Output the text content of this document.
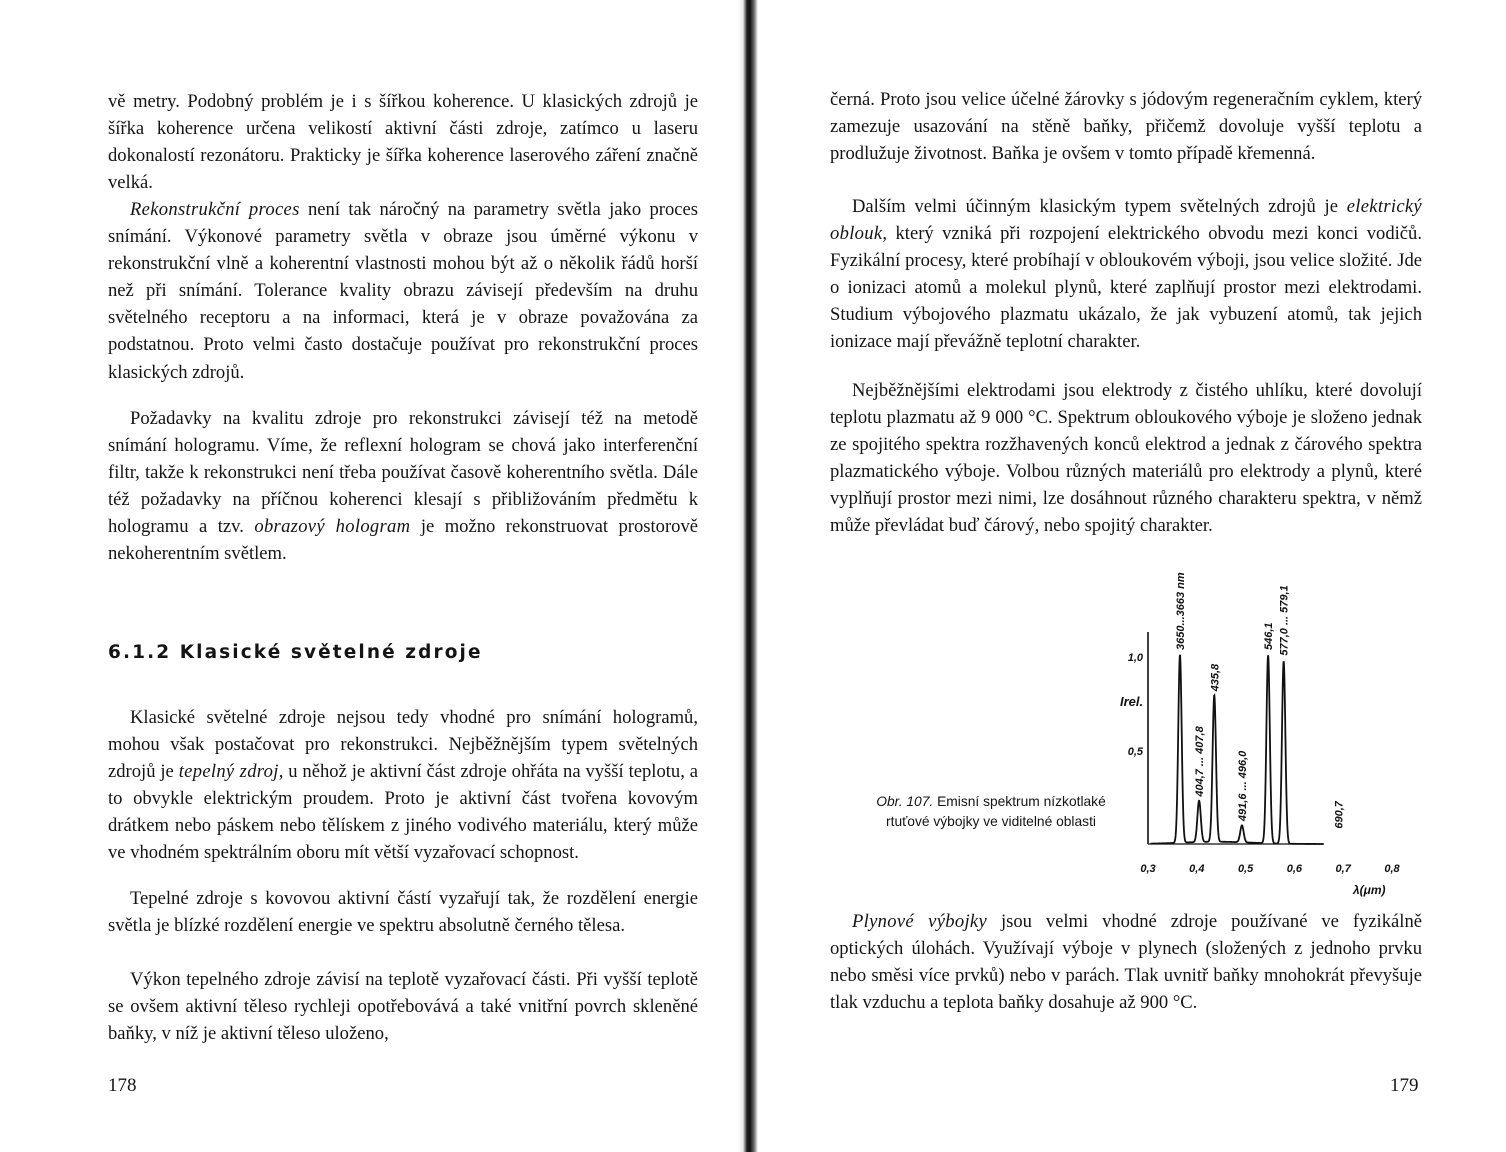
vě metry. Podobný problém je i s šířkou koherence. U klasických zdrojů je šířka koherence určena velikostí aktivní části zdroje, zatímco u laseru dokonalostí rezonátoru. Prakticky je šířka koherence laserového záření značně velká.

Rekonstrukční proces není tak náročný na parametry světla jako proces snímání. Výkonové parametry světla v obraze jsou úměrné výkonu v rekonstrukční vlně a koherentní vlastnosti mohou být až o několik řádů horší než při snímání. Tolerance kvality obrazu závisejí především na druhu světelného receptoru a na informaci, která je v obraze považována za podstatnou. Proto velmi často dostačuje používat pro rekonstrukční proces klasických zdrojů.

Požadavky na kvalitu zdroje pro rekonstrukci závisejí též na metodě snímání hologramu. Víme, že reflexní hologram se chová jako interferenční filtr, takže k rekonstrukci není třeba používat časově koherentního světla. Dále též požadavky na příčnou koherenci klesají s přibližováním předmětu k hologramu a tzv. obrazový hologram je možno rekonstruovat prostorově nekoherentním světlem.

6.1.2 Klasické světelné zdroje

Klasické světelné zdroje nejsou tedy vhodné pro snímání hologramů, mohou však postačovat pro rekonstrukci. Nejběžnějším typem světelných zdrojů je tepelný zdroj, u něhož je aktivní část zdroje ohřáta na vyšší teplotu, a to obvykle elektrickým proudem. Proto je aktivní část tvořena kovovým drátkem nebo páskem nebo tělískem z jiného vodivého materiálu, který může ve vhodném spektrálním oboru mít větší vyzařovací schopnost.

Tepelné zdroje s kovovou aktivní částí vyzařují tak, že rozdělení energie světla je blízké rozdělení energie ve spektru absolutně černého tělesa.

Výkon tepelného zdroje závisí na teplotě vyzařovací části. Při vyšší teplotě se ovšem aktivní těleso rychleji opotřebovává a také vnitřní povrch skleněné baňky, v níž je aktivní těleso uloženo,

178

černá. Proto jsou velice účelné žárovky s jódovým regeneračním cyklem, který zamezuje usazování na stěně baňky, přičemž dovoluje vyšší teplotu a prodlužuje životnost. Baňka je ovšem v tomto případě křemenná.

Dalším velmi účinným klasickým typem světelných zdrojů je elektrický oblouk, který vzniká při rozpojení elektrického obvodu mezi konci vodičů. Fyzikální procesy, které probíhají v obloukovém výboji, jsou velice složité. Jde o ionizaci atomů a molekul plynů, které zaplňují prostor mezi elektrodami. Studium výbojového plazmatu ukázalo, že jak vybuzení atomů, tak jejich ionizace mají převážně teplotní charakter.

Nejběžnějšími elektrodami jsou elektrody z čistého uhlíku, které dovolují teplotu plazmatu až 9 000 °C. Spektrum obloukového výboje je složeno jednak ze spojitého spektra rozžhavených konců elektrod a jednak z čárového spektra plazmatického výboje. Volbou různých materiálů pro elektrody a plynů, které vyplňují prostor mezi nimi, lze dosáhnout různého charakteru spektra, v němž může převládat buď čárový, nebo spojitý charakter.

Obr. 107. Emisní spektrum nízkotlaké rtuťové výbojky ve viditelné oblasti

0,5
1,0
Irel.
0,3	0,4	0,5	0,6	0,7	0,8
λ(μm)
3650...3663 nm
404,7 ... 407,8
435,8
491,6 ... 496,0
546,1 577,0 ... 579,1
690,7

Plynové výbojky jsou velmi vhodné zdroje používané ve fyzikálně optických úlohách. Využívají výboje v plynech (složených z jednoho prvku nebo směsi více prvků) nebo v parách. Tlak uvnitř baňky mnohokrát převyšuje tlak vzduchu a teplota baňky dosahuje až 900 °C.

179
